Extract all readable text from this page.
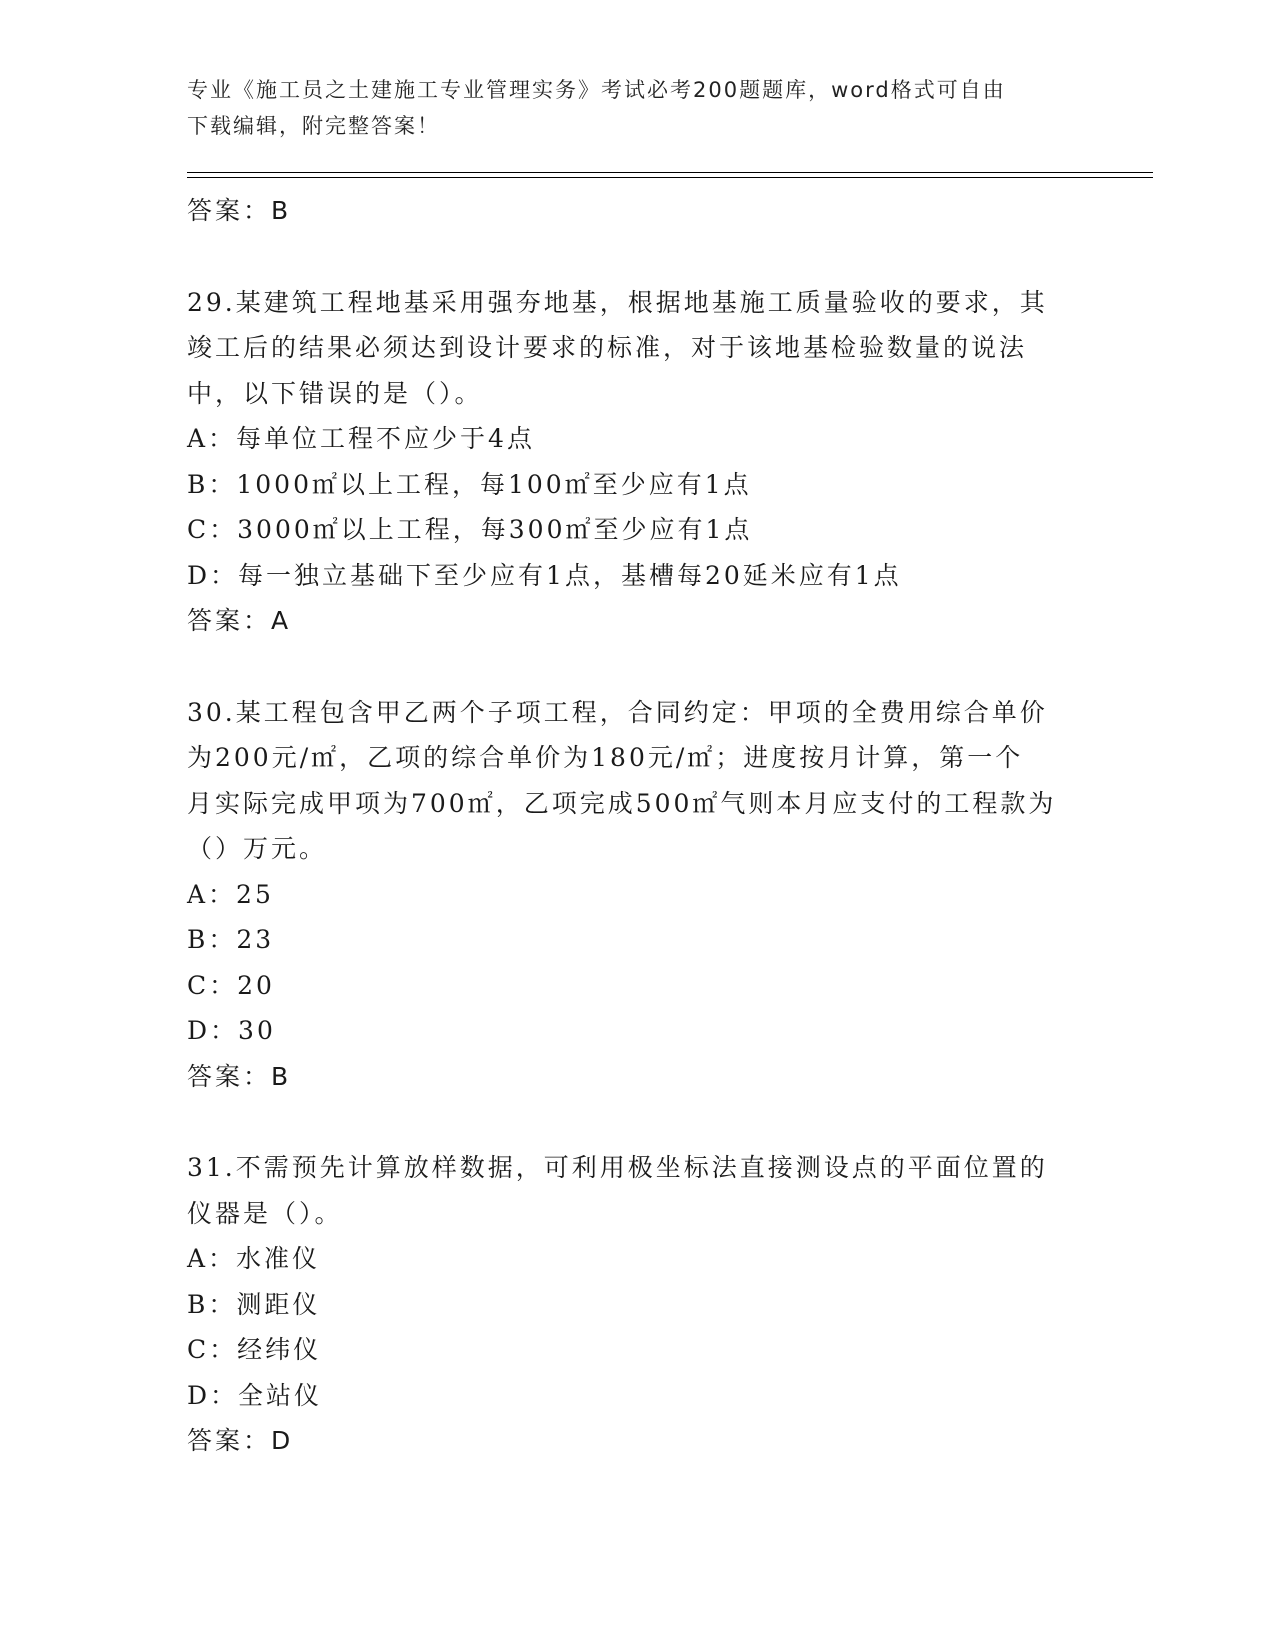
专业《施工员之土建施工专业管理实务》考试必考200题题库，word格式可自由
下载编辑，附完整答案！
答案：B
29.某建筑工程地基采用强夯地基，根据地基施工质量验收的要求，其
竣工后的结果必须达到设计要求的标准，对于该地基检验数量的说法
中，以下错误的是（）。
A：每单位工程不应少于4点
B：1000㎡以上工程，每100㎡至少应有1点
C：3000㎡以上工程，每300㎡至少应有1点
D：每一独立基础下至少应有1点，基槽每20延米应有1点
答案：A
30.某工程包含甲乙两个子项工程，合同约定：甲项的全费用综合单价
为200元/㎡，乙项的综合单价为180元/㎡；进度按月计算，第一个
月实际完成甲项为700㎡，乙项完成500㎡气则本月应支付的工程款为
（）万元。
A：25
B：23
C：20
D：30
答案：B
31.不需预先计算放样数据，可利用极坐标法直接测设点的平面位置的
仪器是（）。
A：水准仪
B：测距仪
C：经纬仪
D：全站仪
答案：D
